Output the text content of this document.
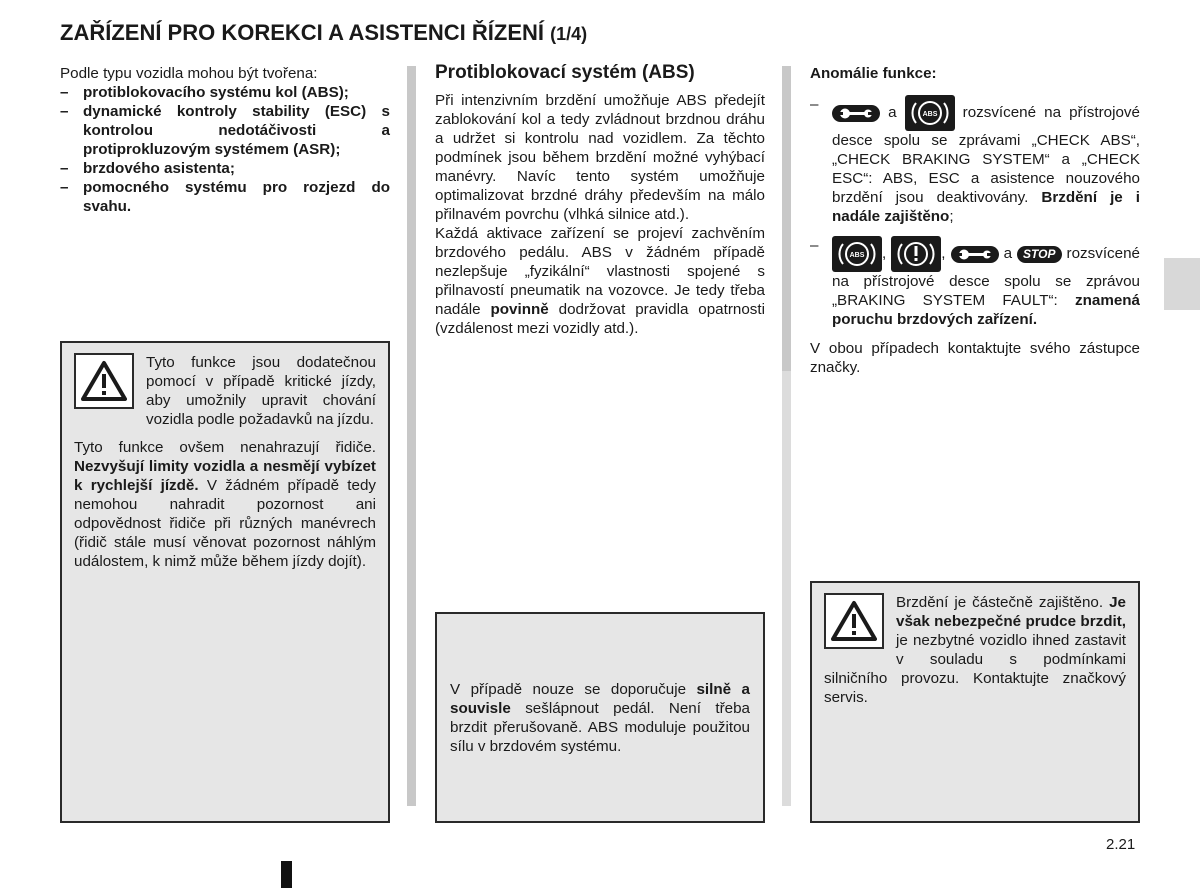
ZAŘÍZENÍ PRO KOREKCI A ASISTENCI ŘÍZENÍ (1/4)
Podle typu vozidla mohou být tvořena:
– protiblokovacího systému kol (ABS);
– dynamické kontroly stability (ESC) s kontrolou nedotáčivosti a protiprokluzovým systémem (ASR);
– brzdového asistenta;
– pomocného systému pro rozjezd do svahu.
Tyto funkce jsou dodatečnou pomocí v případě kritické jízdy, aby umožnily upravit chování vozidla podle požadavků na jízdu.
Tyto funkce ovšem nenahrazují řidiče. Nezvyšují limity vozidla a nesmějí vybízet k rychlejší jízdě. V žádném případě tedy nemohou nahradit pozornost ani odpovědnost řidiče při různých manévrech (řidič stále musí věnovat pozornost náhlým událostem, k nimž může během jízdy dojít).
Protiblokovací systém (ABS)
Při intenzivním brzdění umožňuje ABS předejít zablokování kol a tedy zvládnout brzdnou dráhu a udržet si kontrolu nad vozidlem. Za těchto podmínek jsou během brzdění možné vyhýbací manévry. Navíc tento systém umožňuje optimalizovat brzdné dráhy především na málo přilnavém povrchu (vlhká silnice atd.).
Každá aktivace zařízení se projeví zachvěním brzdového pedálu. ABS v žádném případě nezlepšuje „fyzikální“ vlastnosti spojené s přilnavostí pneumatik na vozovce. Je tedy třeba nadále povinně dodržovat pravidla opatrnosti (vzdálenost mezi vozidly atd.).
V případě nouze se doporučuje silně a souvisle sešlápnout pedál. Není třeba brzdit přerušovaně. ABS moduluje použitou sílu v brzdovém systému.
Anomálie funkce:
–	a	ABS rozsvícené na přístrojové desce spolu se zprávami „CHECK ABS“, „CHECK BRAKING SYSTEM“ a „CHECK ESC“: ABS, ESC a asistence nouzového brzdění jsou deaktivovány. Brzdění je i nadále zajištěno;
–
ABS ,	,	a STOP rozsvícené na přístrojové desce spolu se zprávou „BRAKING SYSTEM FAULT“: znamená poruchu brzdových zařízení.
V obou případech kontaktujte svého zástupce značky.
Brzdění je částečně zajištěno. Je však nebezpečné prudce brzdit, je nezbytné vozidlo ihned zastavit v souladu s podmínkami silničního provozu. Kontaktujte značkový servis.
2.21
